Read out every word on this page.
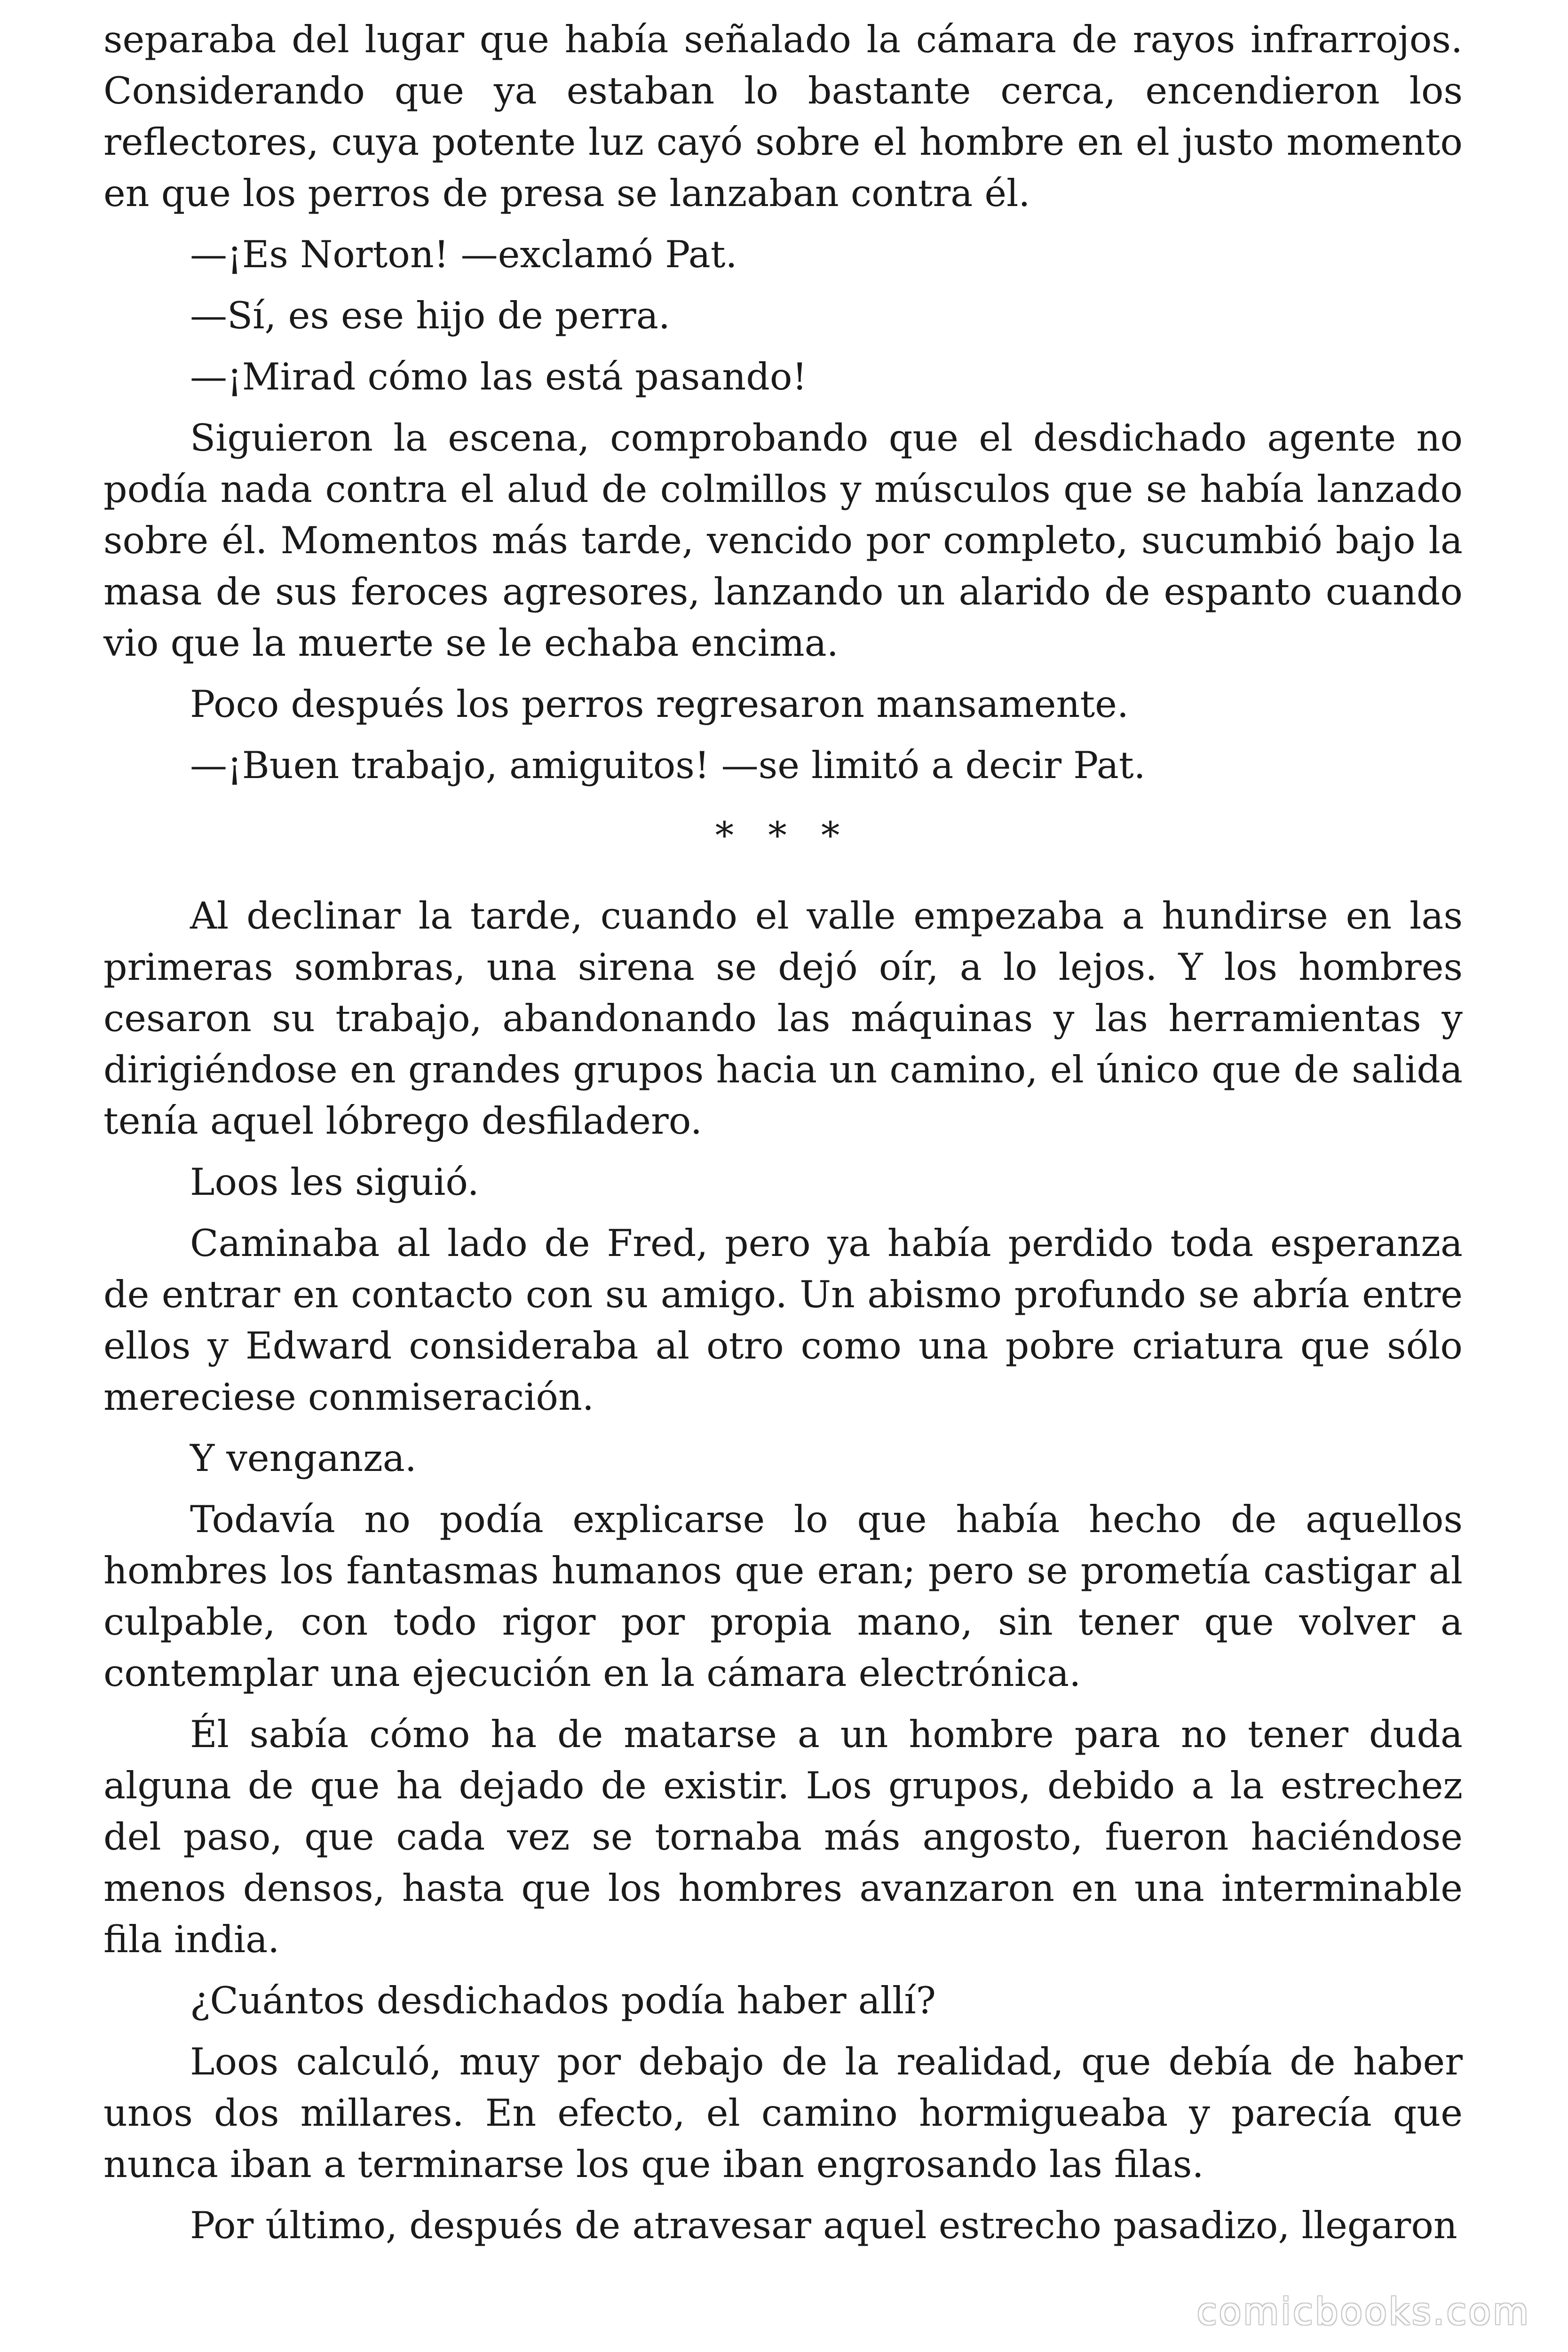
separaba del lugar que había señalado la cámara de rayos infrarrojos. Considerando que ya estaban lo bastante cerca, encendieron los reflectores, cuya potente luz cayó sobre el hombre en el justo momento en que los perros de presa se lanzaban contra él.

—¡Es Norton! —exclamó Pat.

—Sí, es ese hijo de perra.

—¡Mirad cómo las está pasando!

Siguieron la escena, comprobando que el desdichado agente no podía nada contra el alud de colmillos y músculos que se había lanzado sobre él. Momentos más tarde, vencido por completo, sucumbió bajo la masa de sus feroces agresores, lanzando un alarido de espanto cuando vio que la muerte se le echaba encima.

Poco después los perros regresaron mansamente.

—¡Buen trabajo, amiguitos! —se limitó a decir Pat.

* * *

Al declinar la tarde, cuando el valle empezaba a hundirse en las primeras sombras, una sirena se dejó oír, a lo lejos. Y los hombres cesaron su trabajo, abandonando las máquinas y las herramientas y dirigiéndose en grandes grupos hacia un camino, el único que de salida tenía aquel lóbrego desfiladero.

Loos les siguió.

Caminaba al lado de Fred, pero ya había perdido toda esperanza de entrar en contacto con su amigo. Un abismo profundo se abría entre ellos y Edward consideraba al otro como una pobre criatura que sólo mereciese conmiseración.

Y venganza.

Todavía no podía explicarse lo que había hecho de aquellos hombres los fantasmas humanos que eran; pero se prometía castigar al culpable, con todo rigor por propia mano, sin tener que volver a contemplar una ejecución en la cámara electrónica.

Él sabía cómo ha de matarse a un hombre para no tener duda alguna de que ha dejado de existir. Los grupos, debido a la estrechez del paso, que cada vez se tornaba más angosto, fueron haciéndose menos densos, hasta que los hombres avanzaron en una interminable fila india.

¿Cuántos desdichados podía haber allí?

Loos calculó, muy por debajo de la realidad, que debía de haber unos dos millares. En efecto, el camino hormigueaba y parecía que nunca iban a terminarse los que iban engrosando las filas.

Por último, después de atravesar aquel estrecho pasadizo, llegaron

comicbooks.com
